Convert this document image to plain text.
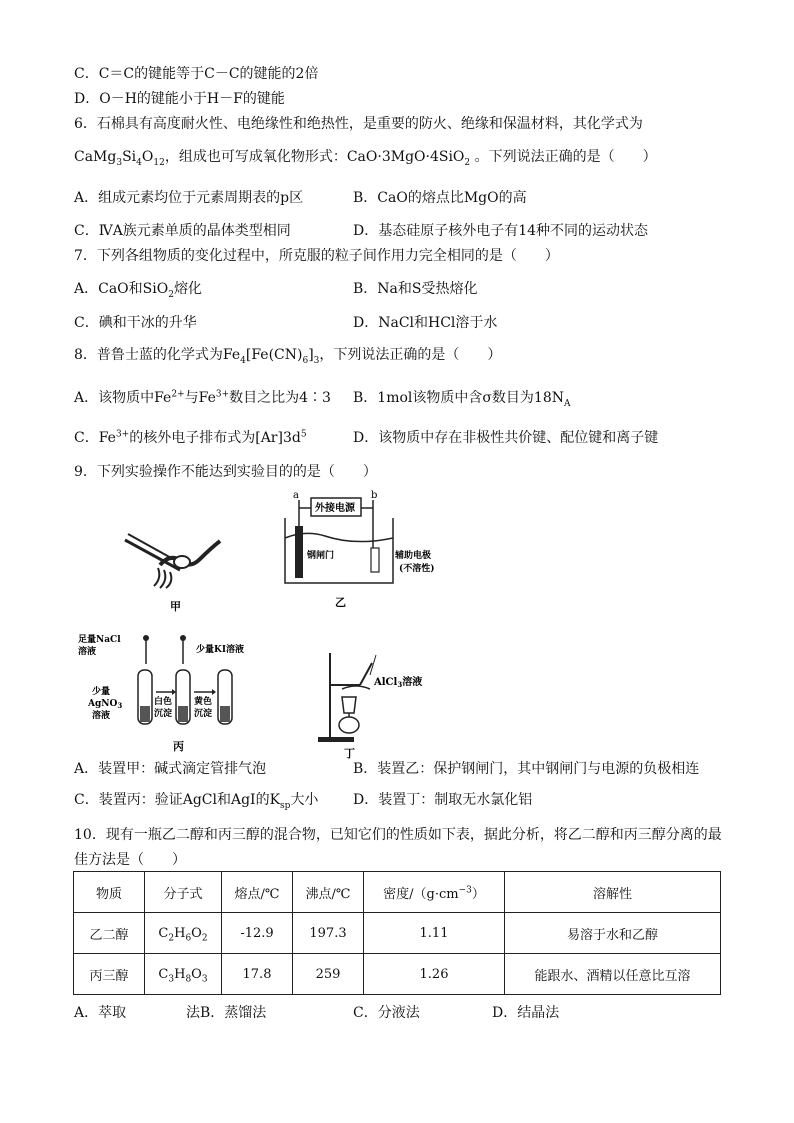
C．C＝C的键能等于C－C的键能的2倍
D．O－H的键能小于H－F的键能
6．石棉具有高度耐火性、电绝缘性和绝热性，是重要的防火、绝缘和保温材料，其化学式为
$CaMg_3Si_4O_{12}$，组成也可写成氧化物形式：CaO·3MgO·4SiO$_2$ 。下列说法正确的是（　　）
A．组成元素均位于元素周期表的p区	B．CaO的熔点比MgO的高
C．ⅣA族元素单质的晶体类型相同	D．基态硅原子核外电子有14种不同的运动状态
7．下列各组物质的变化过程中，所克服的粒子间作用力完全相同的是（　　）
A．CaO和SiO$_2$熔化	B．Na和S受热熔化
C．碘和干冰的升华	D．NaCl和HCl溶于水
8．普鲁士蓝的化学式为$Fe_4[Fe(CN)_6]_3$，下列说法正确的是（　　）
A．该物质中$Fe^{2+}$与$Fe^{3+}$数目之比为4∶3 B．1mol该物质中含σ数目为$18N_A$
C．$Fe^{3+}$的核外电子排布式为$[Ar]3d^5$	D．该物质中存在非极性共价键、配位键和离子键
9．下列实验操作不能达到实验目的的是（　　）
甲
a	b
外接电源
钢闸门	辅助电极
(不溶性)
乙
足量NaCl
溶液	少量KI溶液
少量
AgNO$_3$
溶液
白色
沉淀
黄色
沉淀
丙
AlCl$_3$溶液
丁
A．装置甲：碱式滴定管排气泡	B．装置乙：保护钢闸门，其中钢闸门与电源的负极相连
C．装置丙：验证AgCl和AgI的$K_{sp}$大小 D．装置丁：制取无水氯化铝
10．现有一瓶乙二醇和丙三醇的混合物，已知它们的性质如下表，据此分析，将乙二醇和丙三醇分离的最
佳方法是（　　）
物质	分子式	熔点/℃	沸点/℃	密度$/(g\cdot cm^{-3})$	溶解性
乙二醇	$C_2H_6O_2$	-12.9	197.3	1.11	易溶于水和乙醇
丙三醇	$C_3H_8O_3$	17.8	259	1.26	能跟水、酒精以任意比互溶
A．萃取	法B．蒸馏法	C．分液法	D．结晶法
